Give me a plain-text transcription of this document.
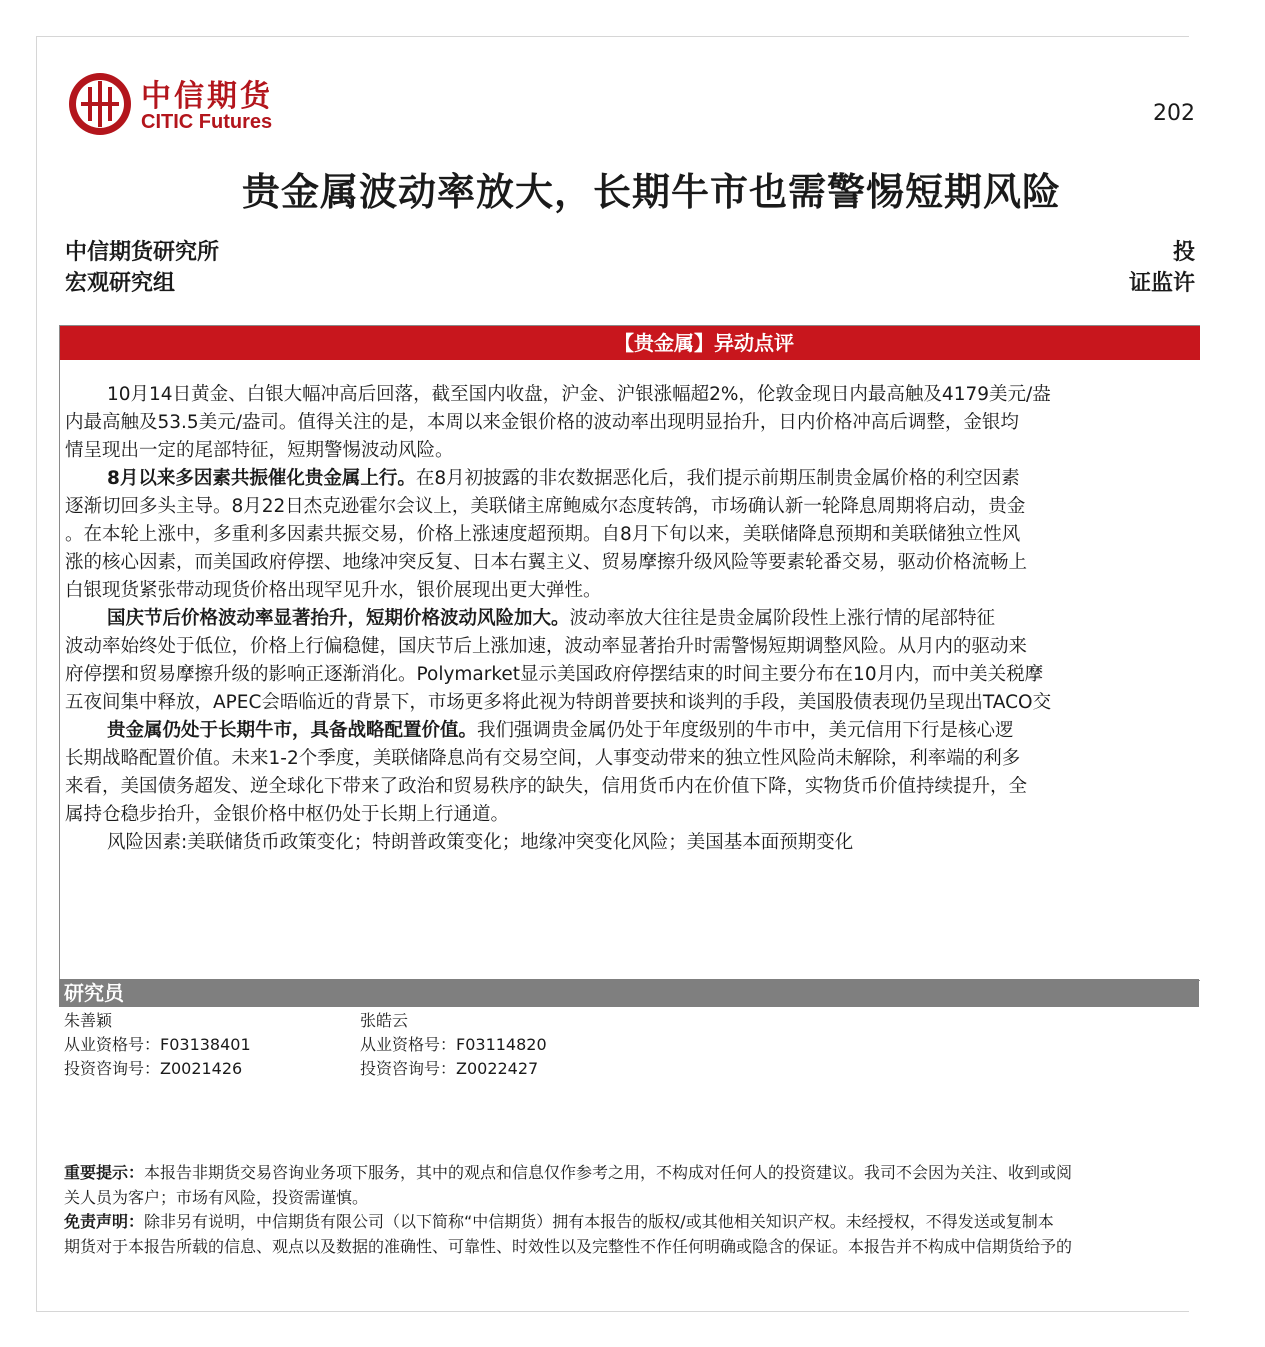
中信期货
CITIC Futures	202
贵金属波动率放大，长期牛市也需警惕短期风险
中信期货研究所
宏观研究组
投
证监许
【贵金属】异动点评
10月14日黄金、白银大幅冲高后回落，截至国内收盘，沪金、沪银涨幅超2%，伦敦金现日内最高触及4179美元/盎
内最高触及53.5美元/盎司。值得关注的是，本周以来金银价格的波动率出现明显抬升，日内价格冲高后调整，金银均
情呈现出一定的尾部特征，短期警惕波动风险。
8月以来多因素共振催化贵金属上行。在8月初披露的非农数据恶化后，我们提示前期压制贵金属价格的利空因素
逐渐切回多头主导。8月22日杰克逊霍尔会议上，美联储主席鲍威尔态度转鸽，市场确认新一轮降息周期将启动，贵金
。在本轮上涨中，多重利多因素共振交易，价格上涨速度超预期。自8月下旬以来，美联储降息预期和美联储独立性风
涨的核心因素，而美国政府停摆、地缘冲突反复、日本右翼主义、贸易摩擦升级风险等要素轮番交易，驱动价格流畅上
白银现货紧张带动现货价格出现罕见升水，银价展现出更大弹性。
国庆节后价格波动率显著抬升，短期价格波动风险加大。波动率放大往往是贵金属阶段性上涨行情的尾部特征
波动率始终处于低位，价格上行偏稳健，国庆节后上涨加速，波动率显著抬升时需警惕短期调整风险。从月内的驱动来
府停摆和贸易摩擦升级的影响正逐渐消化。Polymarket显示美国政府停摆结束的时间主要分布在10月内，而中美关税摩
五夜间集中释放，APEC会晤临近的背景下，市场更多将此视为特朗普要挟和谈判的手段，美国股债表现仍呈现出TACO交
贵金属仍处于长期牛市，具备战略配置价值。我们强调贵金属仍处于年度级别的牛市中，美元信用下行是核心逻
长期战略配置价值。未来1-2个季度，美联储降息尚有交易空间，人事变动带来的独立性风险尚未解除，利率端的利多
来看，美国债务超发、逆全球化下带来了政治和贸易秩序的缺失，信用货币内在价值下降，实物货币价值持续提升，全
属持仓稳步抬升，金银价格中枢仍处于长期上行通道。
风险因素:美联储货币政策变化；特朗普政策变化；地缘冲突变化风险；美国基本面预期变化
研究员
朱善颖
从业资格号：F03138401
投资咨询号：Z0021426
张皓云
从业资格号：F03114820
投资咨询号：Z0022427
重要提示：本报告非期货交易咨询业务项下服务，其中的观点和信息仅作参考之用，不构成对任何人的投资建议。我司不会因为关注、收到或阅
关人员为客户；市场有风险，投资需谨慎。
免责声明：除非另有说明，中信期货有限公司（以下简称“中信期货）拥有本报告的版权/或其他相关知识产权。未经授权，不得发送或复制本
期货对于本报告所载的信息、观点以及数据的准确性、可靠性、时效性以及完整性不作任何明确或隐含的保证。本报告并不构成中信期货给予的
